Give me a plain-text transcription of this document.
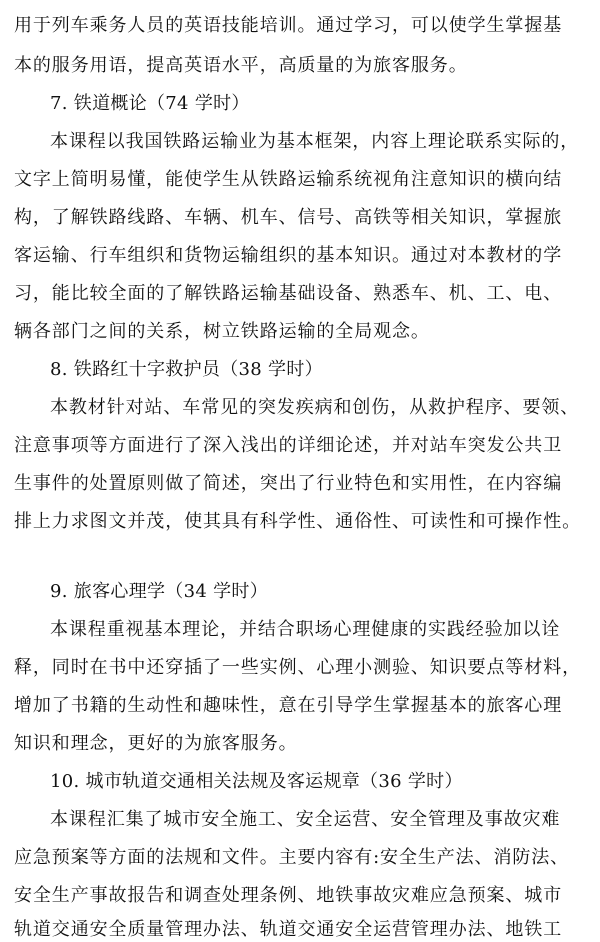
用于列车乘务人员的英语技能培训。通过学习，可以使学生掌握基
本的服务用语，提高英语水平，高质量的为旅客服务。
7. 铁道概论（74 学时）
本课程以我国铁路运输业为基本框架，内容上理论联系实际的，
文字上简明易懂，能使学生从铁路运输系统视角注意知识的横向结
构，了解铁路线路、车辆、机车、信号、高铁等相关知识，掌握旅
客运输、行车组织和货物运输组织的基本知识。通过对本教材的学
习，能比较全面的了解铁路运输基础设备、熟悉车、机、工、电、
辆各部门之间的关系，树立铁路运输的全局观念。
8. 铁路红十字救护员（38 学时）
本教材针对站、车常见的突发疾病和创伤，从救护程序、要领、
注意事项等方面进行了深入浅出的详细论述，并对站车突发公共卫
生事件的处置原则做了简述，突出了行业特色和实用性，在内容编
排上力求图文并茂，使其具有科学性、通俗性、可读性和可操作性。
9. 旅客心理学（34 学时）
本课程重视基本理论，并结合职场心理健康的实践经验加以诠
释，同时在书中还穿插了一些实例、心理小测验、知识要点等材料，
增加了书籍的生动性和趣味性，意在引导学生掌握基本的旅客心理
知识和理念，更好的为旅客服务。
10. 城市轨道交通相关法规及客运规章（36 学时）
本课程汇集了城市安全施工、安全运营、安全管理及事故灾难
应急预案等方面的法规和文件。主要内容有:安全生产法、消防法、
安全生产事故报告和调查处理条例、地铁事故灾难应急预案、城市
轨道交通安全质量管理办法、轨道交通安全运营管理办法、地铁工
